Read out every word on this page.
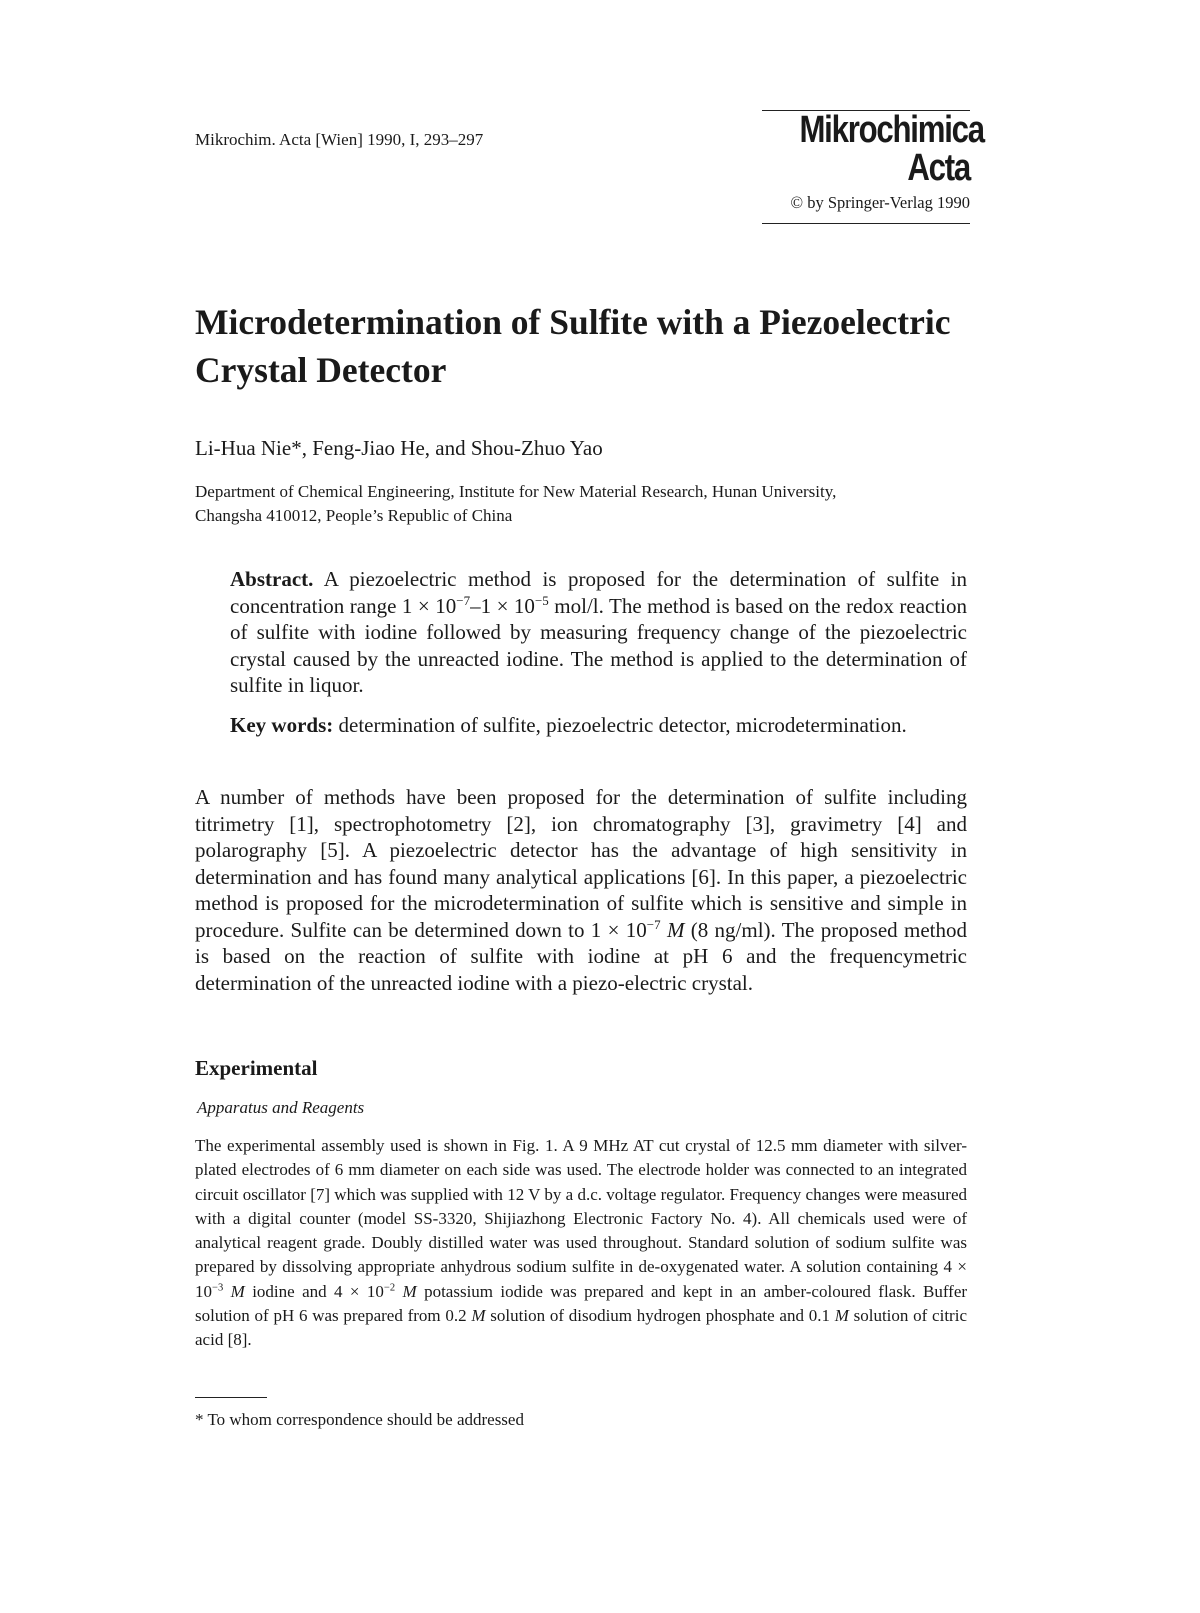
Mikrochim. Acta [Wien] 1990, I, 293–297	Mikrochimica
Acta
© by Springer-Verlag 1990
Microdetermination of Sulfite with a Piezoelectric
Crystal Detector
Li-Hua Nie*, Feng-Jiao He, and Shou-Zhuo Yao
Department of Chemical Engineering, Institute for New Material Research, Hunan University,
Changsha 410012, People’s Republic of China
Abstract. A piezoelectric method is proposed for the determination of sulfite in concentration range $1 \times 10^{-7}-1 \times 10^{-5}$ mol/l. The method is based on the redox reaction of sulfite with iodine followed by measuring frequency change of the piezoelectric crystal caused by the unreacted iodine. The method is applied to the determination of sulfite in liquor.
Key words: determination of sulfite, piezoelectric detector, microdetermination.
A number of methods have been proposed for the determination of sulfite including titrimetry [1], spectrophotometry [2], ion chromatography [3], gravimetry [4] and polarography [5]. A piezoelectric detector has the advantage of high sensitivity in determination and has found many analytical applications [6]. In this paper, a piezoelectric method is proposed for the microdetermination of sulfite which is sensitive and simple in procedure. Sulfite can be determined down to $1 \times 10^{-7}$ M (8 ng/ml). The proposed method is based on the reaction of sulfite with iodine at pH 6 and the frequencymetric determination of the unreacted iodine with a piezo-electric crystal.
Experimental
Apparatus and Reagents
The experimental assembly used is shown in Fig. 1. A 9 MHz AT cut crystal of 12.5 mm diameter with silver-plated electrodes of 6 mm diameter on each side was used. The electrode holder was connected to an integrated circuit oscillator [7] which was supplied with 12 V by a d.c. voltage regulator. Frequency changes were measured with a digital counter (model SS-3320, Shijiazhong Electronic Factory No. 4). All chemicals used were of analytical reagent grade. Doubly distilled water was used throughout. Standard solution of sodium sulfite was prepared by dissolving appropriate anhydrous sodium sulfite in de-oxygenated water. A solution containing $4 \times 10^{-3}$ M iodine and $4 \times 10^{-2}$ M potassium iodide was prepared and kept in an amber-coloured flask. Buffer solution of pH 6 was prepared from 0.2 M solution of disodium hydrogen phosphate and 0.1 M solution of citric acid [8].
* To whom correspondence should be addressed
